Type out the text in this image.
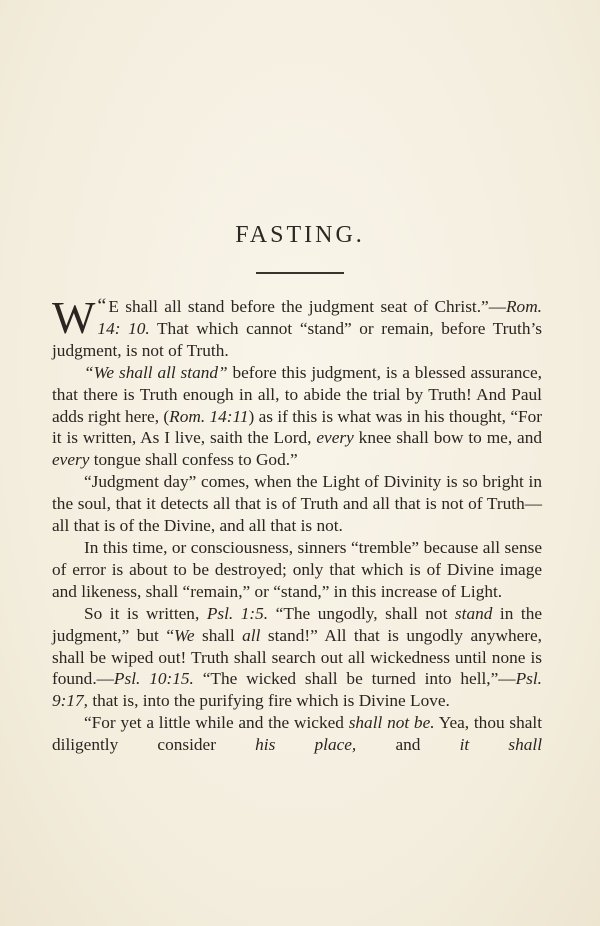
FASTING.

“
W E shall all stand before the judgment seat of Christ.”—Rom. 14: 10. That which cannot “stand” or remain, before Truth’s judgment, is not of Truth.

“We shall all stand” before this judgment, is a blessed assurance, that there is Truth enough in all, to abide the trial by Truth! And Paul adds right here, (Rom. 14:11) as if this is what was in his thought, “For it is written, As I live, saith the Lord, every knee shall bow to me, and every tongue shall confess to God.”

“Judgment day” comes, when the Light of Divinity is so bright in the soul, that it detects all that is of Truth and all that is not of Truth—all that is of the Divine, and all that is not.

In this time, or consciousness, sinners “tremble” because all sense of error is about to be destroyed; only that which is of Divine image and likeness, shall “remain,” or “stand,” in this increase of Light.

So it is written, Psl. 1:5. “The ungodly, shall not stand in the judgment,” but “We shall all stand!” All that is ungodly anywhere, shall be wiped out! Truth shall search out all wickedness until none is found.—Psl. 10:15. “The wicked shall be turned into hell,”—Psl. 9:17, that is, into the purifying fire which is Divine Love.

“For yet a little while and the wicked shall not be. Yea, thou shalt diligently consider his place, and it shall
